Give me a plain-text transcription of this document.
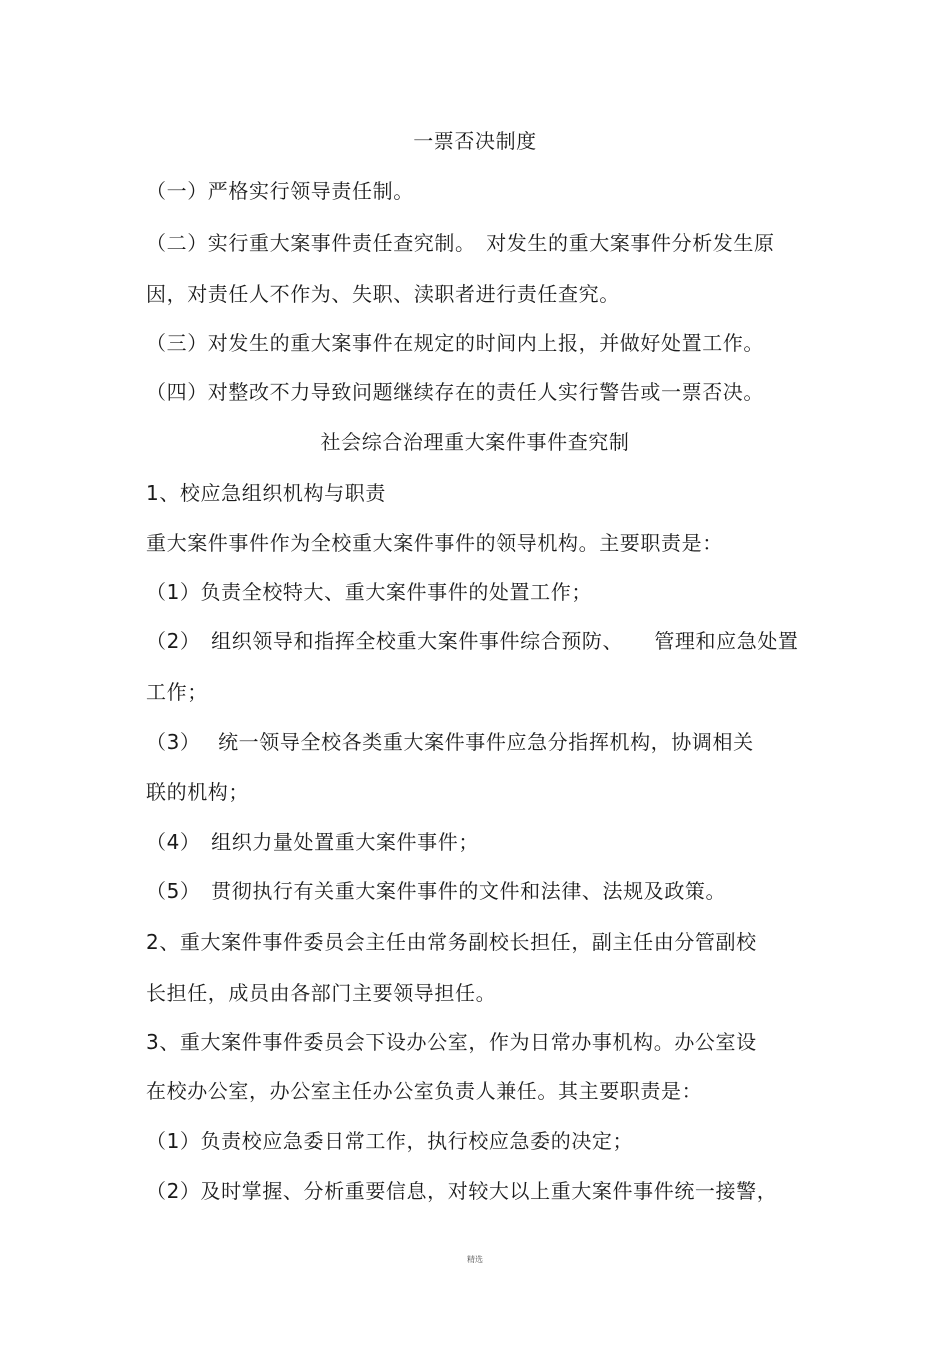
一票否决制度
（一）严格实行领导责任制。
（二）实行重大案事件责任查究制。　对发生的重大案事件分析发生原
因，对责任人不作为、失职、渎职者进行责任查究。
（三）对发生的重大案事件在规定的时间内上报，并做好处置工作。
（四）对整改不力导致问题继续存在的责任人实行警告或一票否决。
社会综合治理重大案件事件查究制
1、校应急组织机构与职责
重大案件事件作为全校重大案件事件的领导机构。主要职责是：
（1）负责全校特大、重大案件事件的处置工作；
（2）　组织领导和指挥全校重大案件事件综合预防、　　管理和应急处置
工作；
（3）　 统一领导全校各类重大案件事件应急分指挥机构，协调相关
联的机构；
（4）　组织力量处置重大案件事件；
（5）　贯彻执行有关重大案件事件的文件和法律、法规及政策。
2、重大案件事件委员会主任由常务副校长担任，副主任由分管副校
长担任，成员由各部门主要领导担任。
3、重大案件事件委员会下设办公室，作为日常办事机构。办公室设
在校办公室，办公室主任办公室负责人兼任。其主要职责是：
（1）负责校应急委日常工作，执行校应急委的决定；
（2）及时掌握、分析重要信息，对较大以上重大案件事件统一接警，
精选
